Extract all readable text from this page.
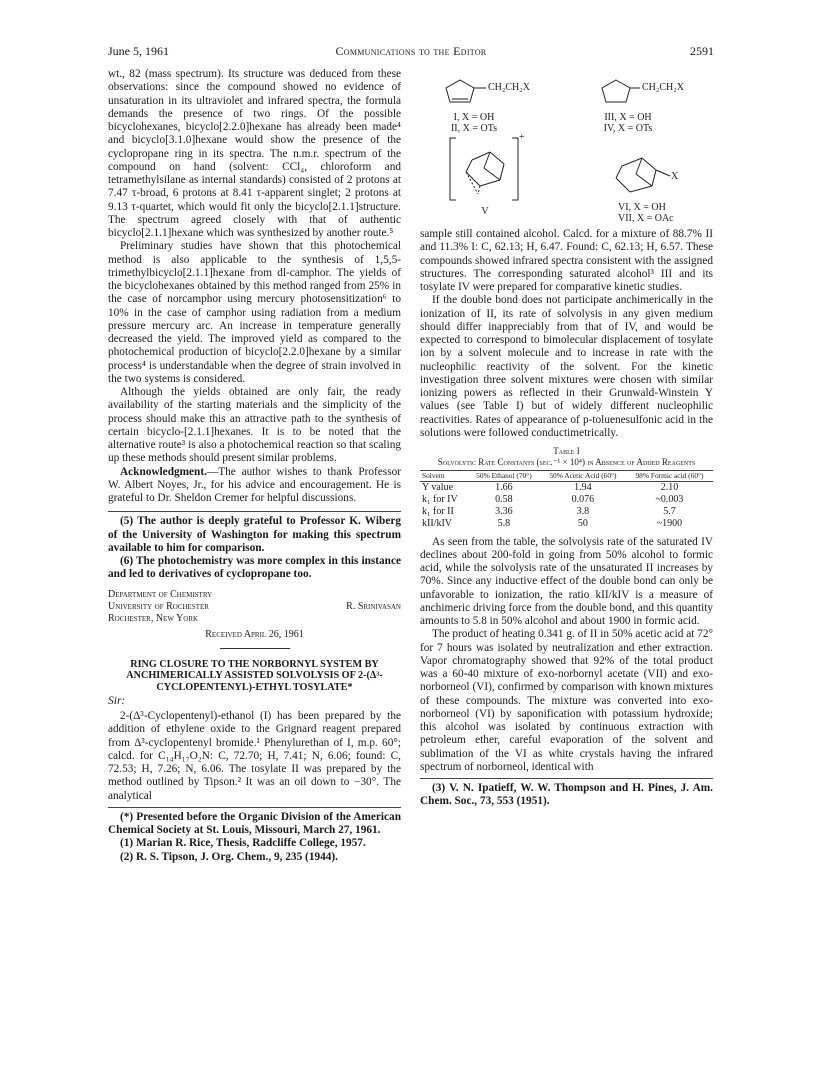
June 5, 1961	Communications to the Editor	2591

wt., 82 (mass spectrum). Its structure was deduced from these observations: since the compound showed no evidence of unsaturation in its ultraviolet and infrared spectra, the formula demands the presence of two rings. Of the possible bicyclohexanes, bicyclo[2.2.0]hexane has already been made⁴ and bicyclo[3.1.0]hexane would show the presence of the cyclopropane ring in its spectra. The n.m.r. spectrum of the compound on hand (solvent: CCl₄, chloroform and tetramethylsilane as internal standards) consisted of 2 protons at 7.47 τ-broad, 6 protons at 8.41 τ-apparent singlet; 2 protons at 9.13 τ-quartet, which would fit only the bicyclo[2.1.1]structure. The spectrum agreed closely with that of authentic bicyclo[2.1.1]hexane which was synthesized by another route.⁵

Preliminary studies have shown that this photochemical method is also applicable to the synthesis of 1,5,5-trimethylbicyclo[2.1.1]hexane from dl-camphor. The yields of the bicyclohexanes obtained by this method ranged from 25% in the case of norcamphor using mercury photosensitization⁶ to 10% in the case of camphor using radiation from a medium pressure mercury arc. An increase in temperature generally decreased the yield. The improved yield as compared to the photochemical production of bicyclo[2.2.0]hexane by a similar process⁴ is understandable when the degree of strain involved in the two systems is considered.

Although the yields obtained are only fair, the ready availability of the starting materials and the simplicity of the process should make this an attractive path to the synthesis of certain bicyclo-[2.1.1]hexanes. It is to be noted that the alternative route³ is also a photochemical reaction so that scaling up these methods should present similar problems.

Acknowledgment.—The author wishes to thank Professor W. Albert Noyes, Jr., for his advice and encouragement. He is grateful to Dr. Sheldon Cremer for helpful discussions.

(5) The author is deeply grateful to Professor K. Wiberg of the University of Washington for making this spectrum available to him for comparison.

(6) The photochemistry was more complex in this instance and led to derivatives of cyclopropane too.

Department of Chemistry
University of Rochester
Rochester, New York
R. Srinivasan
Received April 26, 1961
RING CLOSURE TO THE NORBORNYL SYSTEM BY ANCHIMERICALLY ASSISTED SOLVOLYSIS OF 2-(Δ³-CYCLOPENTENYL)-ETHYL TOSYLATE*
Sir:

2-(Δ³-Cyclopentenyl)-ethanol (I) has been prepared by the addition of ethylene oxide to the Grignard reagent prepared from Δ³-cyclopentenyl bromide.¹ Phenylurethan of I, m.p. 60°; calcd. for C₁₄H₁₇O₂N: C, 72.70; H, 7.41; N, 6.06; found: C, 72.53; H, 7.26; N, 6.06. The tosylate II was prepared by the method outlined by Tipson.² It was an oil down to −30°. The analytical

(*) Presented before the Organic Division of the American Chemical Society at St. Louis, Missouri, March 27, 1961.

(1) Marian R. Rice, Thesis, Radcliffe College, 1957.

(2) R. S. Tipson, J. Org. Chem., 9, 235 (1944).

CH₂CH₂X	CH₂CH₂X
I, X = OH
II, X = OTs
III, X = OH
IV, X = OTs
+
V
X
VI, X = OH
VII, X = OAc

sample still contained alcohol. Calcd. for a mixture of 88.7% II and 11.3% I: C, 62.13; H, 6.47. Found: C, 62.13; H, 6.57. These compounds showed infrared spectra consistent with the assigned structures. The corresponding saturated alcohol³ III and its tosylate IV were prepared for comparative kinetic studies.

If the double bond does not participate anchimerically in the ionization of II, its rate of solvolysis in any given medium should differ inappreciably from that of IV, and would be expected to correspond to bimolecular displacement of tosylate ion by a solvent molecule and to increase in rate with the nucleophilic reactivity of the solvent. For the kinetic investigation three solvent mixtures were chosen with similar ionizing powers as reflected in their Grunwald-Winstein Y values (see Table I) but of widely different nucleophilic reactivities. Rates of appearance of p-toluenesulfonic acid in the solutions were followed conductimetrically.

Table I
Solvolytic Rate Constants (sec.⁻¹ × 10⁴) in Absence of Added Reagents
Solvent	50% Ethanol (70°)	50% Acetic Acid (60°)	98% Formic acid (60°)
Y value	1.66	1.94	2.10
k₁ for IV	0.58	0.076	~0.003
k₁ for II	3.36	3.8	5.7
kII/kIV	5.8	50	~1900

As seen from the table, the solvolysis rate of the saturated IV declines about 200-fold in going from 50% alcohol to formic acid, while the solvolysis rate of the unsaturated II increases by 70%. Since any inductive effect of the double bond can only be unfavorable to ionization, the ratio kII/kIV is a measure of anchimeric driving force from the double bond, and this quantity amounts to 5.8 in 50% alcohol and about 1900 in formic acid.

The product of heating 0.341 g. of II in 50% acetic acid at 72° for 7 hours was isolated by neutralization and ether extraction. Vapor chromatography showed that 92% of the total product was a 60-40 mixture of exo-norbornyl acetate (VII) and exo-norborneol (VI), confirmed by comparison with known mixtures of these compounds. The mixture was converted into exo-norborneol (VI) by saponification with potassium hydroxide; this alcohol was isolated by continuous extraction with petroleum ether, careful evaporation of the solvent and sublimation of the VI as white crystals having the infrared spectrum of norborneol, identical with

(3) V. N. Ipatieff, W. W. Thompson and H. Pines, J. Am. Chem. Soc., 73, 553 (1951).
